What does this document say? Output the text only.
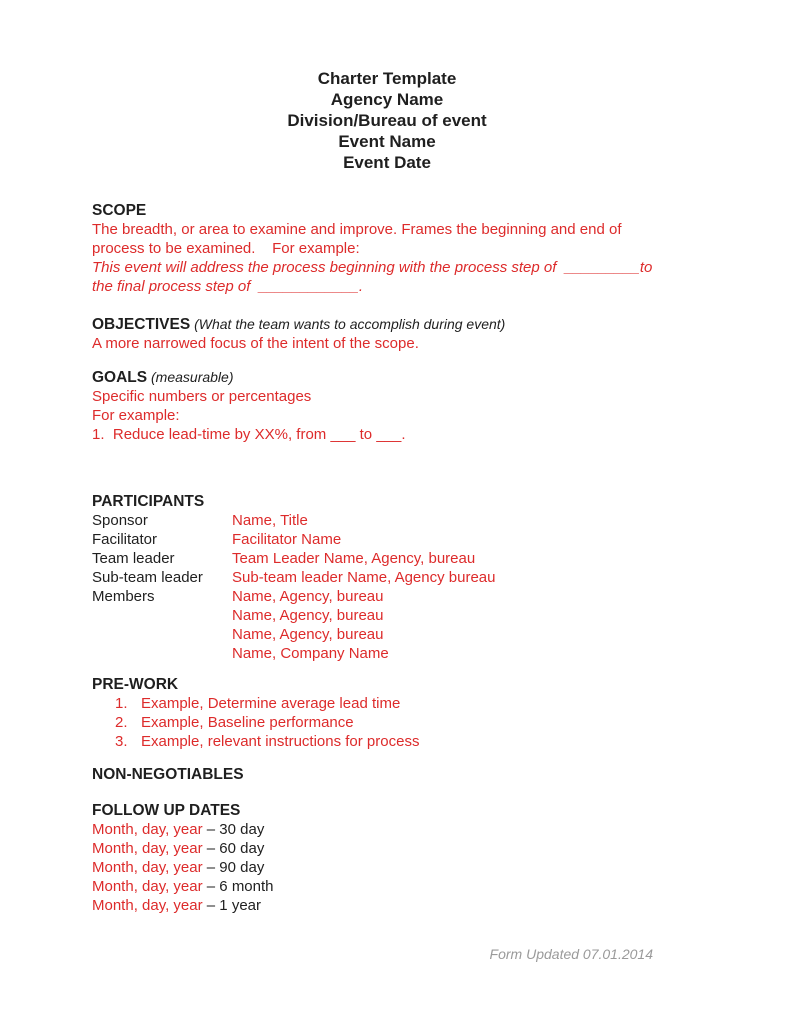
Charter Template
Agency Name
Division/Bureau of event
Event Name
Event Date
SCOPE
The breadth, or area to examine and improve. Frames the beginning and end of
process to be examined.    For example:
This event will address the process beginning with the process step of  _________to
the final process step of  ____________.
OBJECTIVES (What the team wants to accomplish during event)
A more narrowed focus of the intent of the scope.
GOALS (measurable)
Specific numbers or percentages
For example:
1. Reduce lead-time by XX%, from ___ to ___.
PARTICIPANTS
Sponsor	Name, Title
Facilitator	Facilitator Name
Team leader	Team Leader Name, Agency, bureau
Sub-team leader	Sub-team leader Name, Agency bureau
Members	Name, Agency, bureau
Name, Agency, bureau
Name, Agency, bureau
Name, Company Name
PRE-WORK
1. Example, Determine average lead time
2. Example, Baseline performance
3. Example, relevant instructions for process
NON-NEGOTIABLES
FOLLOW UP DATES
Month, day, year – 30 day
Month, day, year – 60 day
Month, day, year – 90 day
Month, day, year – 6 month
Month, day, year – 1 year
Form Updated 07.01.2014
